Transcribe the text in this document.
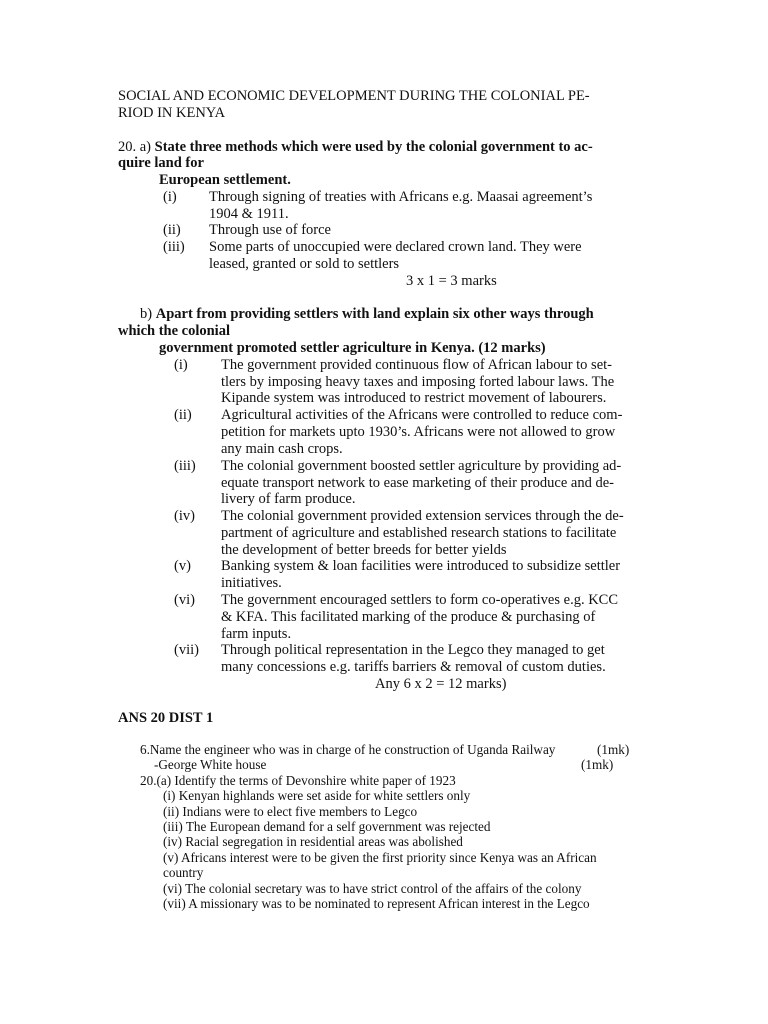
SOCIAL AND ECONOMIC DEVELOPMENT DURING THE COLONIAL PE-
RIOD IN KENYA
20. a) State three methods which were used by the colonial government to ac-
quire land for
European settlement.
(i) Through signing of treaties with Africans e.g. Maasai agreement’s
1904 & 1911.
(ii) Through use of force
(iii) Some parts of unoccupied were declared crown land. They were
leased, granted or sold to settlers
3 x 1 = 3 marks
b) Apart from providing settlers with land explain six other ways through
which the colonial
government promoted settler agriculture in Kenya. (12 marks)
(i) The government provided continuous flow of African labour to set-
tlers by imposing heavy taxes and imposing forted labour laws. The
Kipande system was introduced to restrict movement of labourers.
(ii) Agricultural activities of the Africans were controlled to reduce com-
petition for markets upto 1930’s. Africans were not allowed to grow
any main cash crops.
(iii) The colonial government boosted settler agriculture by providing ad-
equate transport network to ease marketing of their produce and de-
livery of farm produce.
(iv) The colonial government provided extension services through the de-
partment of agriculture and established research stations to facilitate
the development of better breeds for better yields
(v) Banking system & loan facilities were introduced to subsidize settler
initiatives.
(vi) The government encouraged settlers to form co-operatives e.g. KCC
& KFA. This facilitated marking of the produce & purchasing of
farm inputs.
(vii) Through political representation in the Legco they managed to get
many concessions e.g. tariffs barriers & removal of custom duties.
Any 6 x 2 = 12 marks)
ANS 20 DIST 1
6.Name the engineer who was in charge of he construction of Uganda Railway	(1mk)
-George White house	(1mk)
20.(a) Identify the terms of Devonshire white paper of 1923
(i) Kenyan highlands were set aside for white settlers only
(ii) Indians were to elect five members to Legco
(iii) The European demand for a self government was rejected
(iv) Racial segregation in residential areas was abolished
(v) Africans interest were to be given the first priority since Kenya was an African
country
(vi) The colonial secretary was to have strict control of the affairs of the colony
(vii) A missionary was to be nominated to represent African interest in the Legco
